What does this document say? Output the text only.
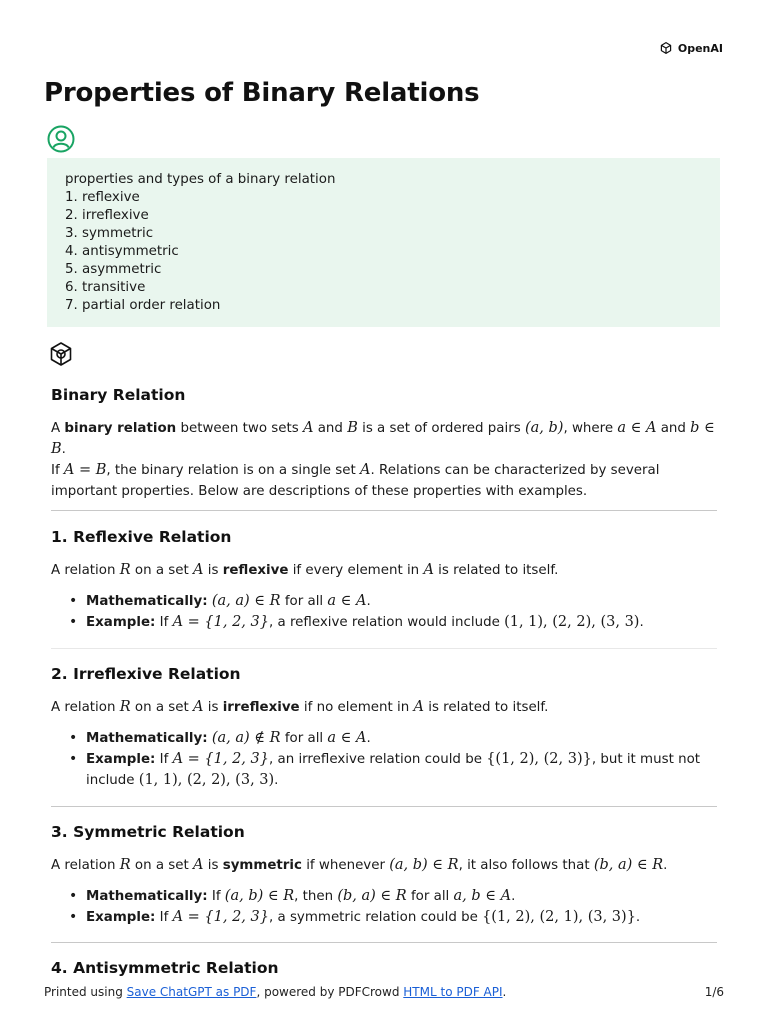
OpenAI
Properties of Binary Relations
properties and types of a binary relation
1. reflexive
2. irreflexive
3. symmetric
4. antisymmetric
5. asymmetric
6. transitive
7. partial order relation
Binary Relation

A binary relation between two sets A and B is a set of ordered pairs (a, b), where a ∈ A and b ∈ B.
If A = B, the binary relation is on a single set A. Relations can be characterized by several important properties. Below are descriptions of these properties with examples.

1. Reflexive Relation

A relation R on a set A is reflexive if every element in A is related to itself.

• Mathematically: (a, a) ∈ R for all a ∈ A.
• Example: If A = {1, 2, 3}, a reflexive relation would include (1, 1), (2, 2), (3, 3).
2. Irreflexive Relation

A relation R on a set A is irreflexive if no element in A is related to itself.

• Mathematically: (a, a) ∉ R for all a ∈ A.
• Example: If A = {1, 2, 3}, an irreflexive relation could be {(1, 2), (2, 3)}, but it must not include (1, 1), (2, 2), (3, 3).
3. Symmetric Relation

A relation R on a set A is symmetric if whenever (a, b) ∈ R, it also follows that (b, a) ∈ R.

• Mathematically: If (a, b) ∈ R, then (b, a) ∈ R for all a, b ∈ A.
• Example: If A = {1, 2, 3}, a symmetric relation could be {(1, 2), (2, 1), (3, 3)}.
4. Antisymmetric Relation
Printed using Save ChatGPT as PDF, powered by PDFCrowd HTML to PDF API.	1/6
